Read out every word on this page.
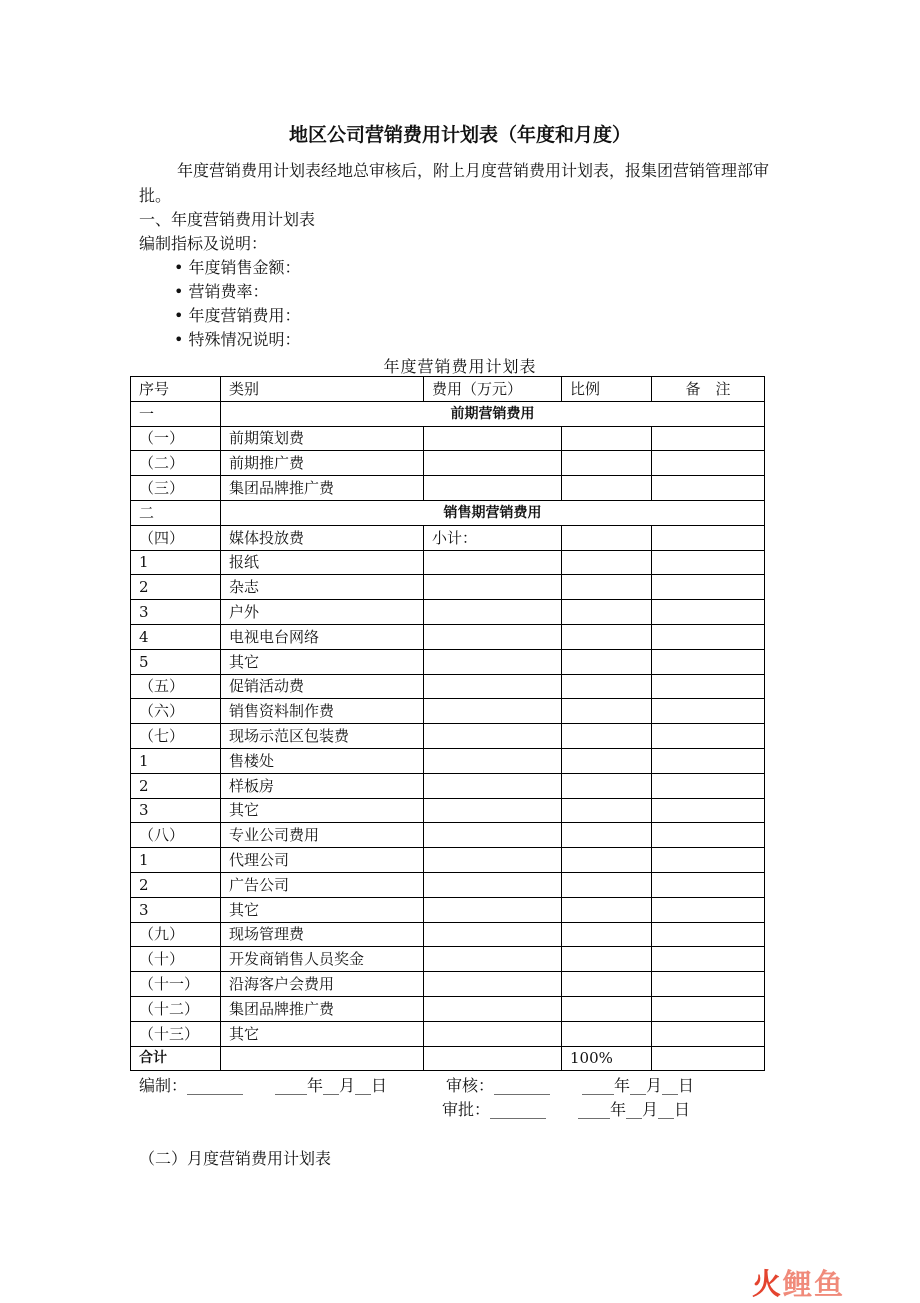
地区公司营销费用计划表（年度和月度）
年度营销费用计划表经地总审核后，附上月度营销费用计划表，报集团营销管理部审批。
一、年度营销费用计划表
编制指标及说明：
• 年度销售金额：
• 营销费率：
• 年度营销费用：
• 特殊情况说明：
年度营销费用计划表
序号	类别	费用（万元）	比例	备　注
一	前期营销费用			
（一）	前期策划费			
（二）	前期推广费			
（三）	集团品牌推广费			
二	销售期营销费用			
（四）	媒体投放费	小计：		
1	报纸			
2	杂志			
3	户外			
4	电视电台网络			
5	其它			
（五）	促销活动费			
（六）	销售资料制作费			
（七）	现场示范区包装费			
1	售楼处			
2	样板房			
3	其它			
（八）	专业公司费用			
1	代理公司			
2	广告公司			
3	其它			
（九）	现场管理费			
（十）	开发商销售人员奖金			
（十一）	沿海客户会费用			
（十二）	集团品牌推广费			
（十三）	其它			
合计			100%	
编制：_______　　____年__月__日	审核：_______　　____年__月__日
审批：_______　　____年__月__日
（二）月度营销费用计划表
火鲤鱼
